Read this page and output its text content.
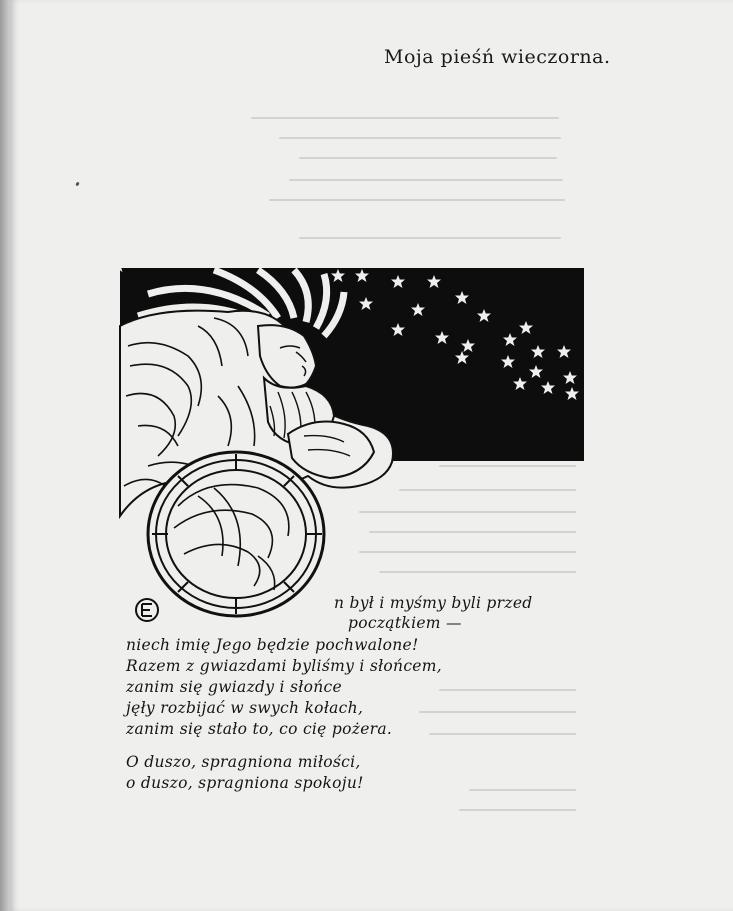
Moja pieśń wieczorna.
n był i myśmy byli przed
początkiem —
niech imię Jego będzie pochwalone!
Razem z gwiazdami byliśmy i słońcem,
zanim się gwiazdy i słońce
jęły rozbijać w swych kołach,
zanim się stało to, co cię pożera.
O duszo, spragniona miłości,
o duszo, spragniona spokoju!
